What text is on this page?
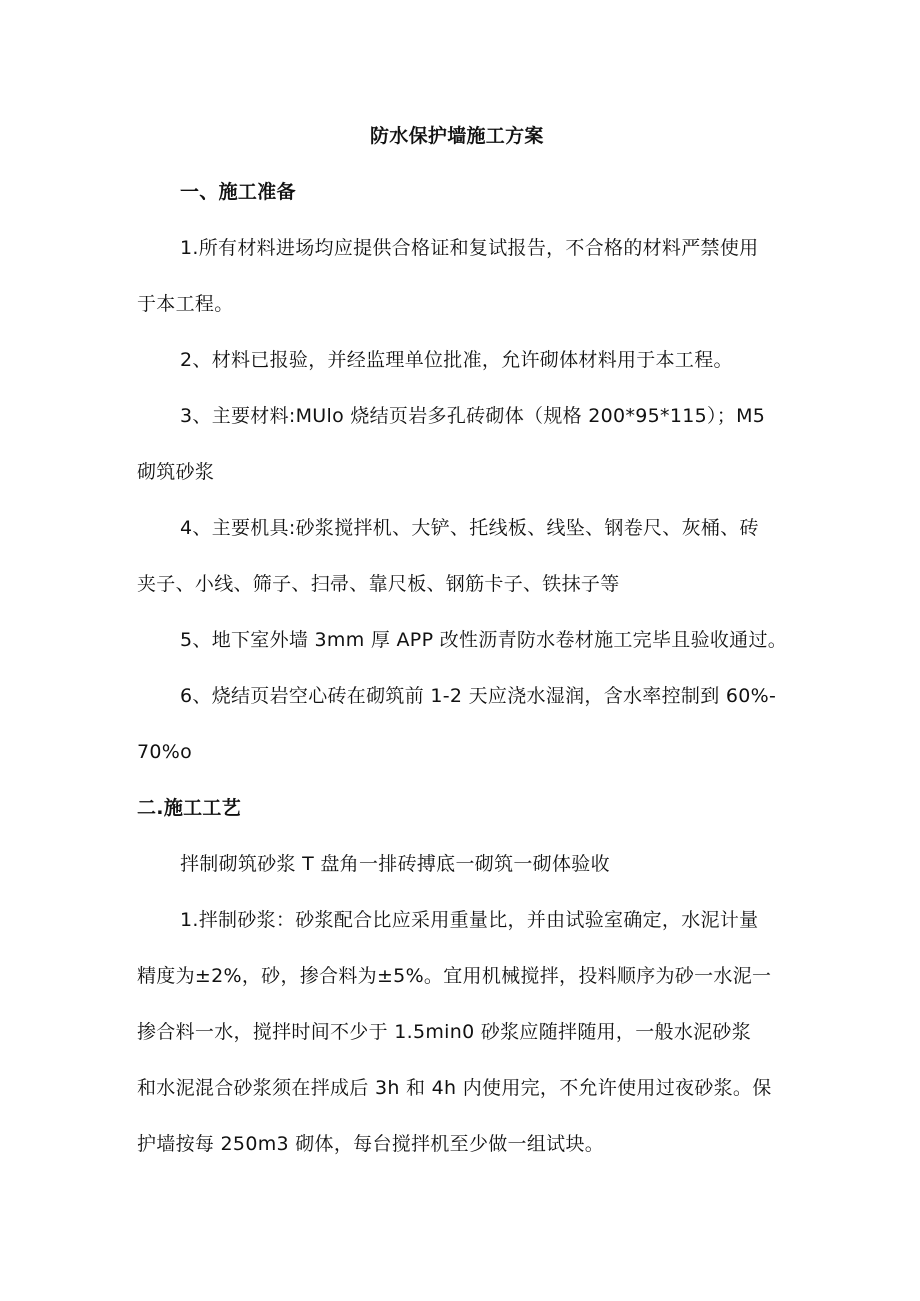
防水保护墙施工方案
一、施工准备
1.所有材料进场均应提供合格证和复试报告，不合格的材料严禁使用
于本工程。
2、材料已报验，并经监理单位批准，允许砌体材料用于本工程。
3、主要材料:MUlo 烧结页岩多孔砖砌体（规格 200*95*115）；M5
砌筑砂浆
4、主要机具:砂浆搅拌机、大铲、托线板、线坠、钢卷尺、灰桶、砖
夹子、小线、筛子、扫帚、靠尺板、钢筋卡子、铁抹子等
5、地下室外墙 3mm 厚 APP 改性沥青防水卷材施工完毕且验收通过。
6、烧结页岩空心砖在砌筑前 1-2 天应浇水湿润，含水率控制到 60%-
70%o
二.施工工艺
拌制砌筑砂浆 T 盘角一排砖搏底一砌筑一砌体验收
1.拌制砂浆：砂浆配合比应采用重量比，并由试验室确定，水泥计量
精度为±2%，砂，掺合料为±5%。宜用机械搅拌，投料顺序为砂一水泥一
掺合料一水，搅拌时间不少于 1.5min0 砂浆应随拌随用，一般水泥砂浆
和水泥混合砂浆须在拌成后 3h 和 4h 内使用完，不允许使用过夜砂浆。保
护墙按每 250m3 砌体，每台搅拌机至少做一组试块。
